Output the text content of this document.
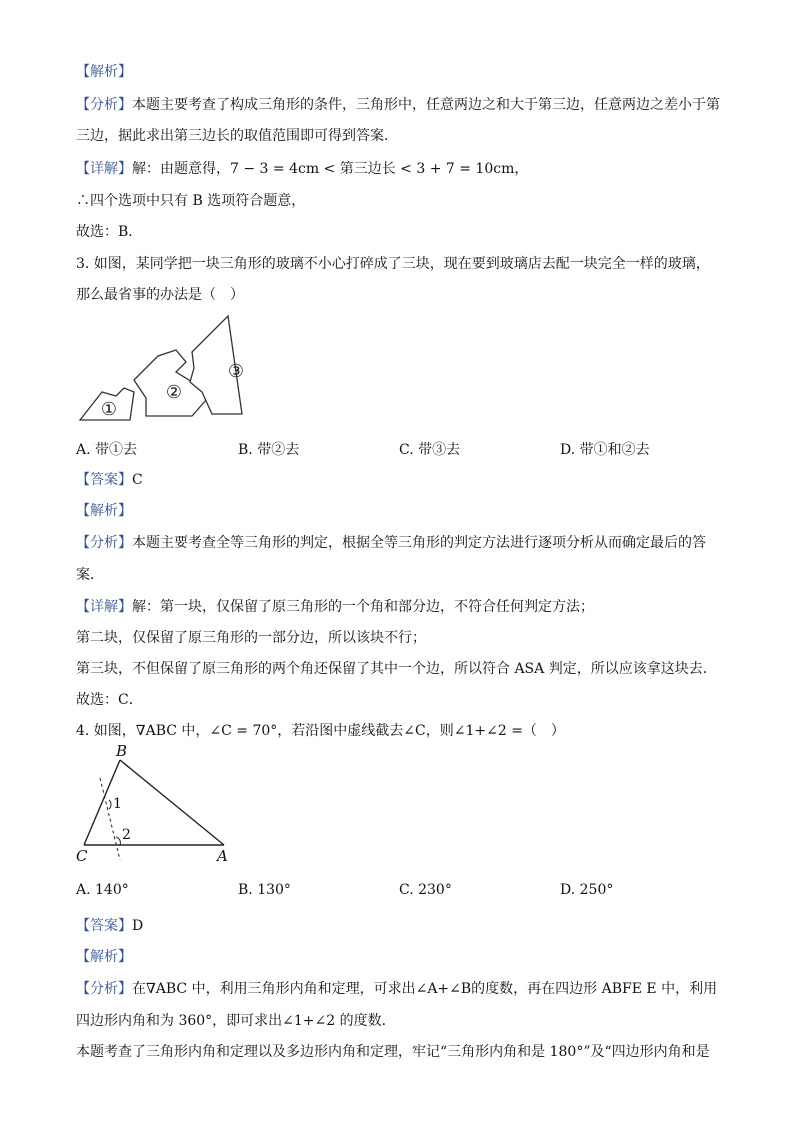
【解析】
【分析】本题主要考查了构成三角形的条件，三角形中，任意两边之和大于第三边，任意两边之差小于第
三边，据此求出第三边长的取值范围即可得到答案．
【详解】解：由题意得，7 − 3 = 4cm < 第三边长 < 3 + 7 = 10cm，
∴四个选项中只有 B 选项符合题意，
故选：B．
3. 如图，某同学把一块三角形的玻璃不小心打碎成了三块，现在要到玻璃店去配一块完全一样的玻璃，
那么最省事的办法是（　）
①
②
③
A. 带①去	B. 带②去	C. 带③去	D. 带①和②去
【答案】C
【解析】
【分析】本题主要考查全等三角形的判定，根据全等三角形的判定方法进行逐项分析从而确定最后的答
案．
【详解】解：第一块，仅保留了原三角形的一个角和部分边，不符合任何判定方法；
第二块，仅保留了原三角形的一部分边，所以该块不行；
第三块，不但保留了原三角形的两个角还保留了其中一个边，所以符合 ASA 判定，所以应该拿这块去．
故选：C．
4. 如图，∇ABC 中，∠C = 70°，若沿图中虚线截去∠C，则∠1+∠2 =（　）
B
C	A
1
2
A. 140°	B. 130°	C. 230°	D. 250°
【答案】D
【解析】
【分析】在∇ABC 中，利用三角形内角和定理，可求出∠A+∠B的度数，再在四边形 ABFE E 中，利用
四边形内角和为 360°，即可求出∠1+∠2 的度数．
本题考查了三角形内角和定理以及多边形内角和定理，牢记“三角形内角和是 180°”及“四边形内角和是
